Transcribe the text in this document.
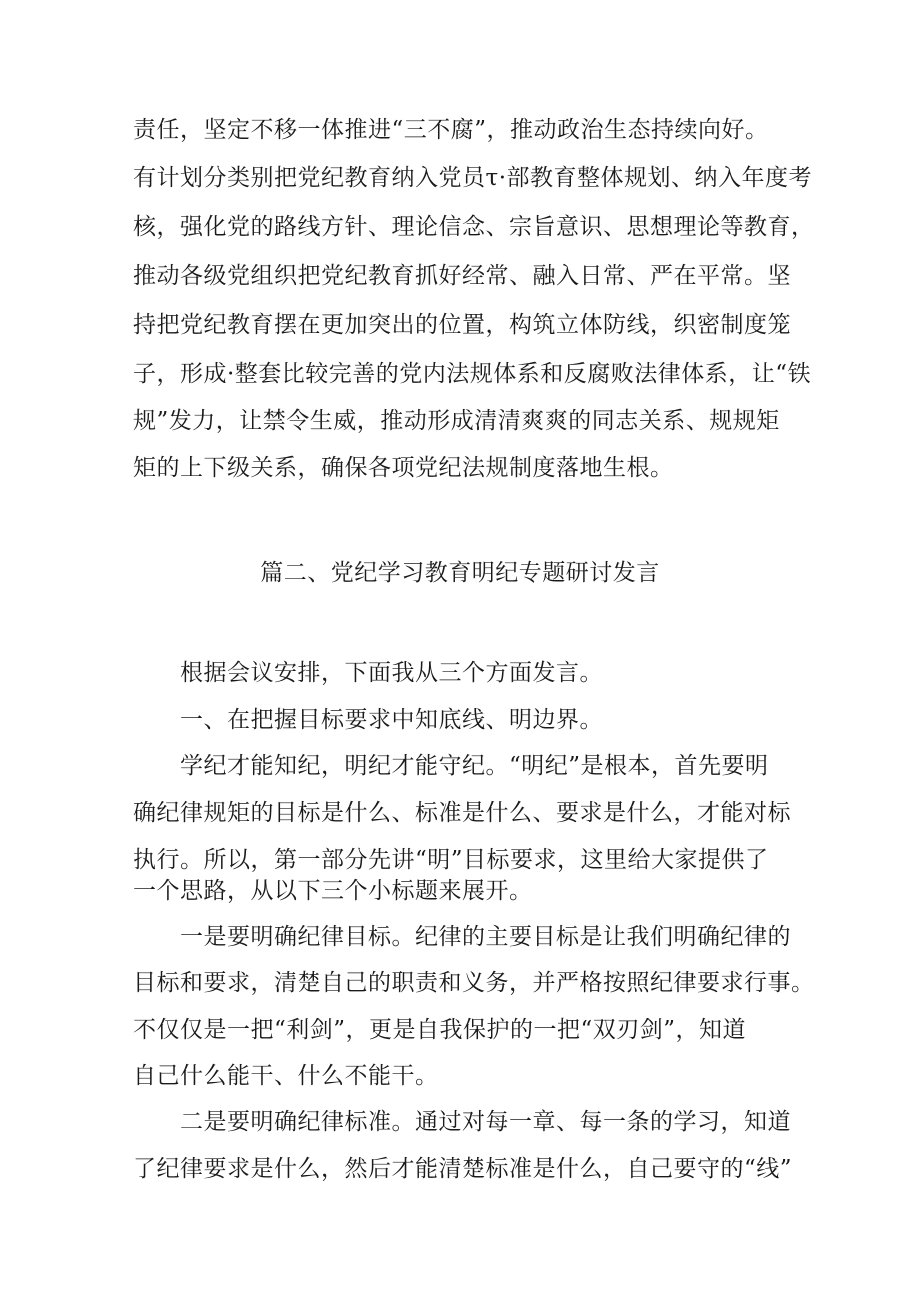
责任，坚定不移一体推进“三不腐”，推动政治生态持续向好。
有计划分类别把党纪教育纳入党员τ·部教育整体规划、纳入年度考
核，强化党的路线方针、理论信念、宗旨意识、思想理论等教育，
推动各级党组织把党纪教育抓好经常、融入日常、严在平常。坚
持把党纪教育摆在更加突出的位置，构筑立体防线，织密制度笼
子，形成·整套比较完善的党内法规体系和反腐败法律体系，让“铁
规”发力，让禁令生威，推动形成清清爽爽的同志关系、规规矩
矩的上下级关系，确保各项党纪法规制度落地生根。
篇二、党纪学习教育明纪专题研讨发言
根据会议安排，下面我从三个方面发言。
一、在把握目标要求中知底线、明边界。
学纪才能知纪，明纪才能守纪。“明纪”是根本，首先要明
确纪律规矩的目标是什么、标准是什么、要求是什么，才能对标
执行。所以，第一部分先讲“明”目标要求，这里给大家提供了
一个思路，从以下三个小标题来展开。
一是要明确纪律目标。纪律的主要目标是让我们明确纪律的
目标和要求，清楚自己的职责和义务，并严格按照纪律要求行事。
不仅仅是一把“利剑”，更是自我保护的一把“双刃剑”，知道
自己什么能干、什么不能干。
二是要明确纪律标准。通过对每一章、每一条的学习，知道
了纪律要求是什么，然后才能清楚标准是什么，自己要守的“线”
